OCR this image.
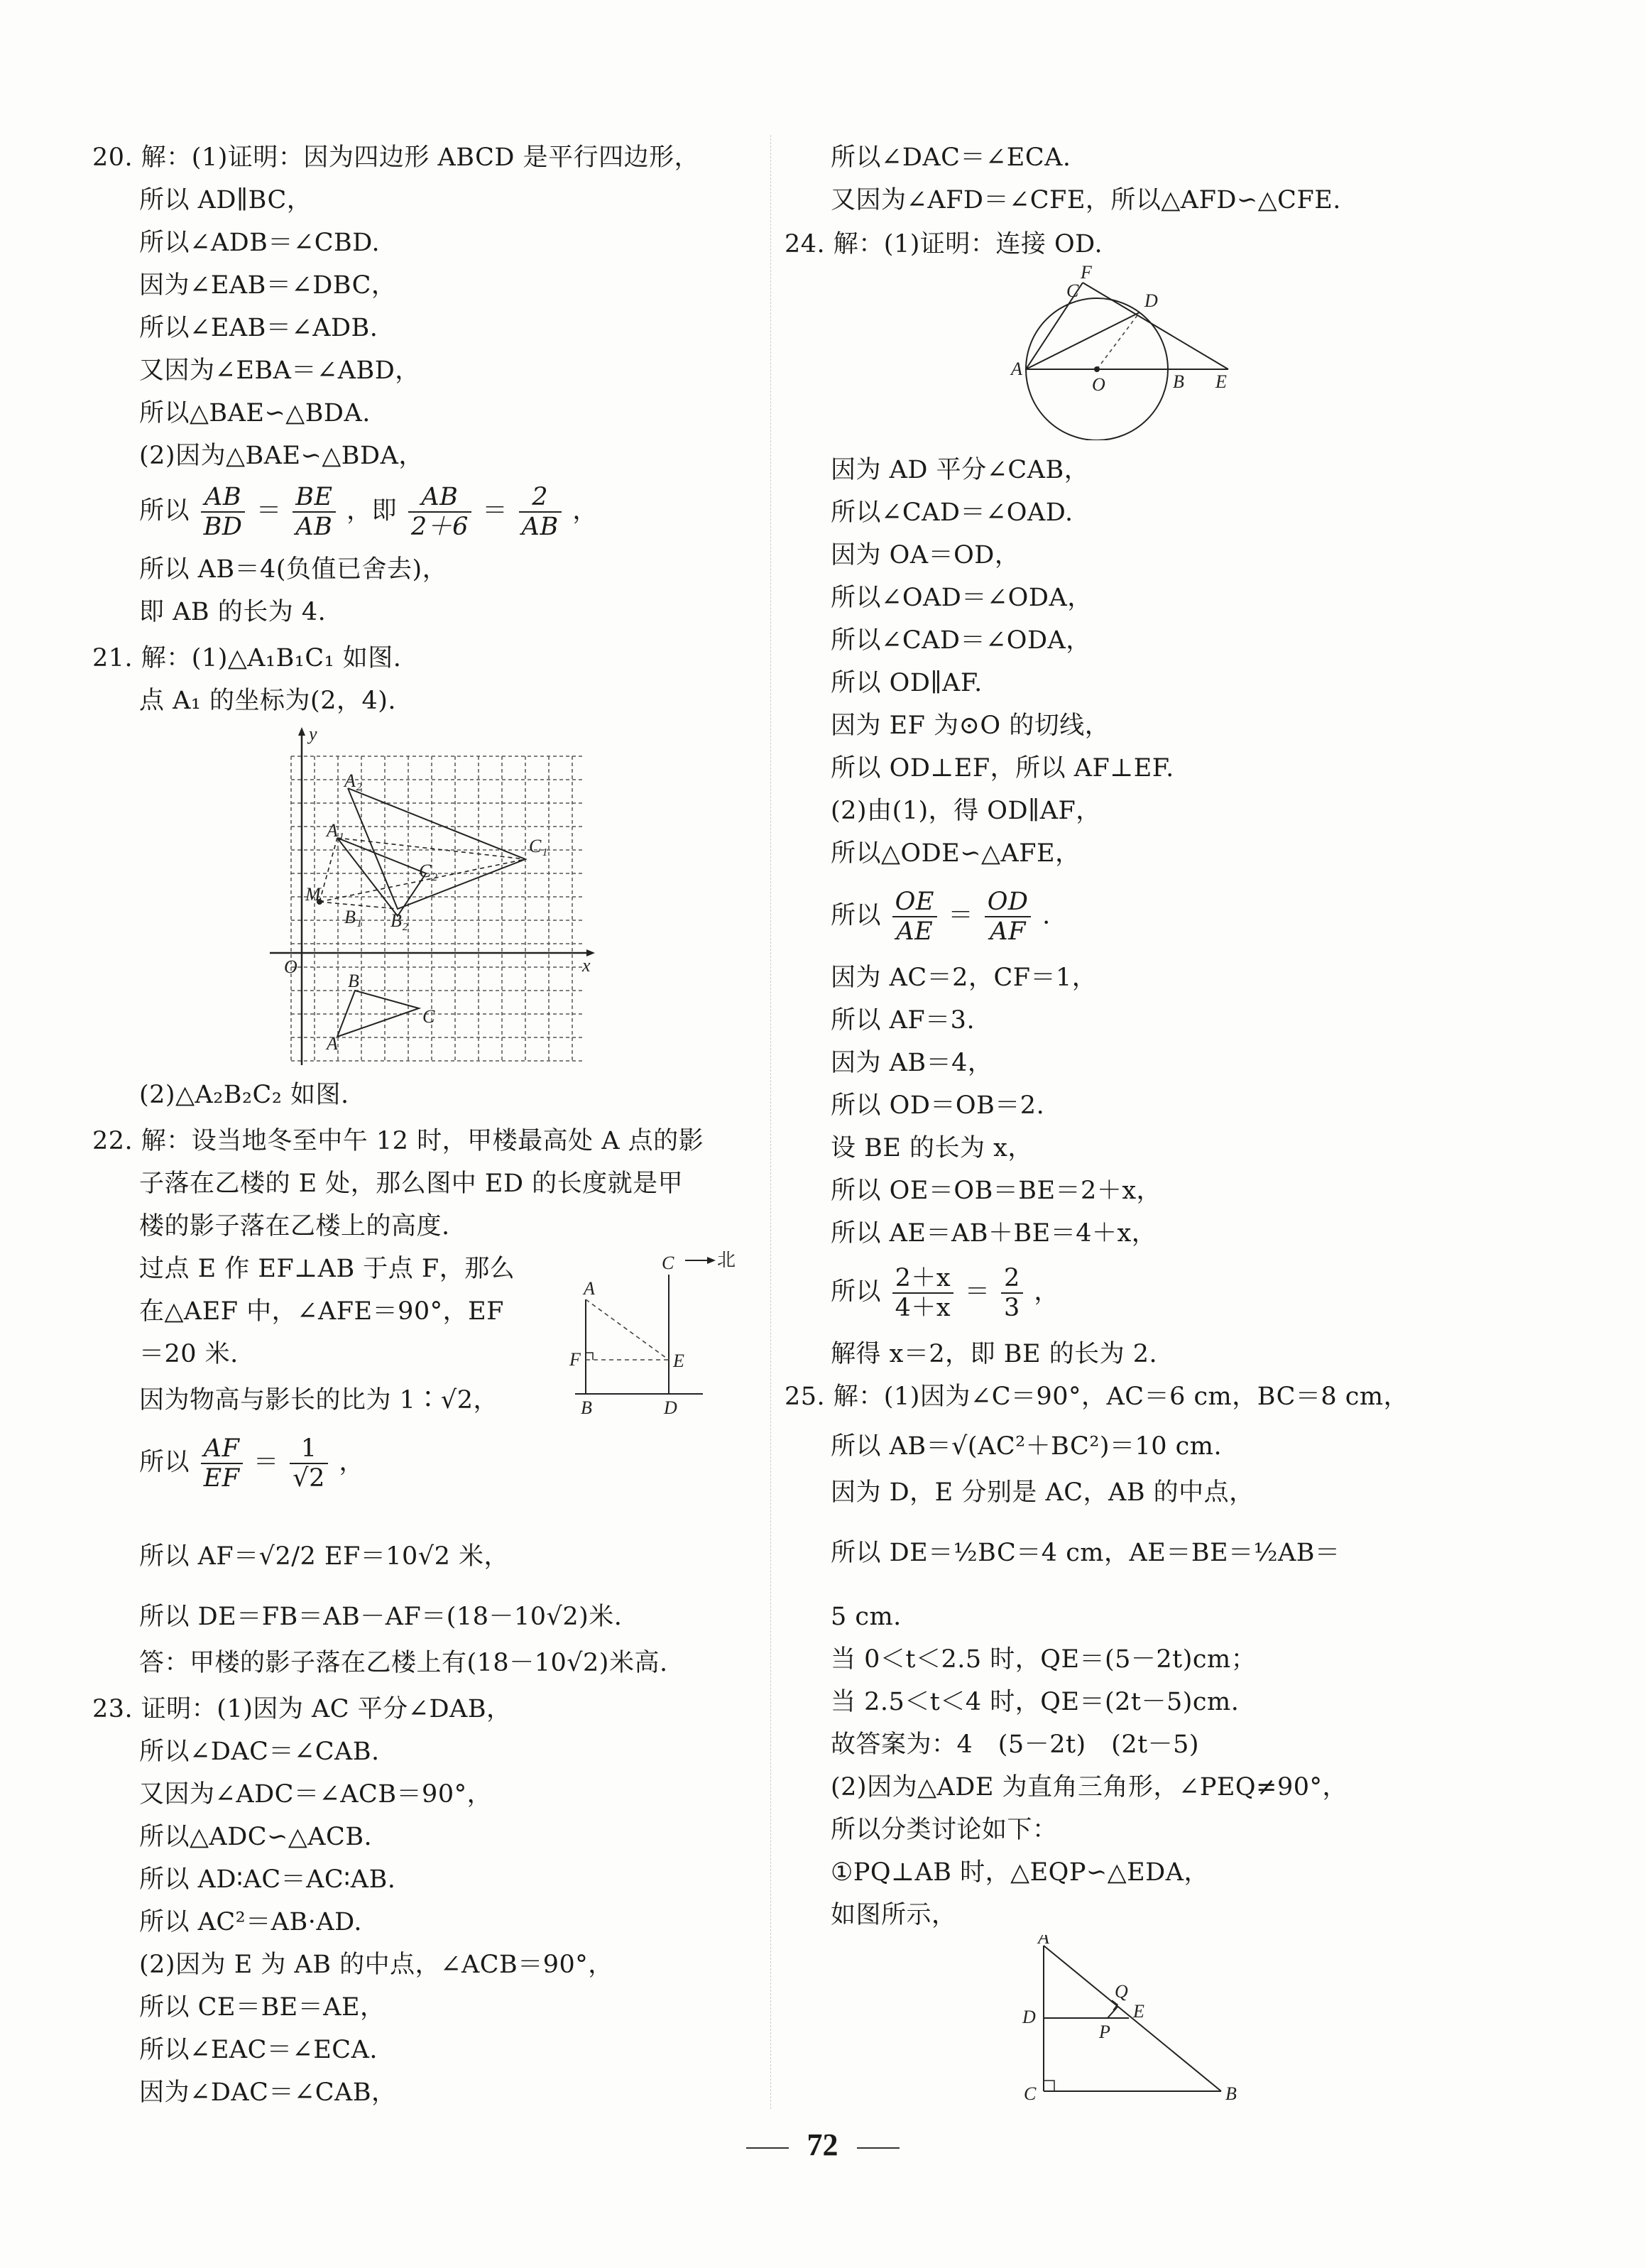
所以 $\frac{AB}{BD} = \frac{BE}{AB}$ ，即 $\frac{AB}{2+6} = \frac{2}{AB}$ ，
所以 $\frac{AF}{EF} = \frac{1}{√2}$ ，
所以 $\frac{OE}{AE} = \frac{OD}{AF}$ .
所以 $\frac{2+x}{4+x} = \frac{2}{3}$ ，
y
x
O
A₂
A₁
C₁
C₂
M
B₁ B₂
B
A
C
A
C 北
F	E
B	D
F
C	D
A
O	B E
A
Q
E
D
P
C	B
72
20. 解：(1)证明：因为四边形 ABCD 是平行四边形，
所以 AD∥BC，
所以∠ADB＝∠CBD.
因为∠EAB＝∠DBC，
所以∠EAB＝∠ADB.
又因为∠EBA＝∠ABD，
所以△BAE∽△BDA.
(2)因为△BAE∽△BDA，
所以 AB＝4(负值已舍去)，
即 AB 的长为 4.
21. 解：(1)△A₁B₁C₁ 如图.
点 A₁ 的坐标为(2，4).
(2)△A₂B₂C₂ 如图.
22. 解：设当地冬至中午 12 时，甲楼最高处 A 点的影
子落在乙楼的 E 处，那么图中 ED 的长度就是甲
楼的影子落在乙楼上的高度.
过点 E 作 EF⊥AB 于点 F，那么
在△AEF 中，∠AFE＝90°，EF
＝20 米.
因为物高与影长的比为 1∶√2，
所以 AF＝√2/2 EF＝10√2 米，
所以 DE＝FB＝AB－AF＝(18－10√2)米.
答：甲楼的影子落在乙楼上有(18－10√2)米高.
23. 证明：(1)因为 AC 平分∠DAB，
所以∠DAC＝∠CAB.
又因为∠ADC＝∠ACB＝90°，
所以△ADC∽△ACB.
所以 AD∶AC＝AC∶AB.
所以 AC²＝AB·AD.
(2)因为 E 为 AB 的中点，∠ACB＝90°，
所以 CE＝BE＝AE，
所以∠EAC＝∠ECA.
因为∠DAC＝∠CAB，
所以∠DAC＝∠ECA.
又因为∠AFD＝∠CFE，所以△AFD∽△CFE.
24. 解：(1)证明：连接 OD.
因为 AD 平分∠CAB，
所以∠CAD＝∠OAD.
因为 OA＝OD，
所以∠OAD＝∠ODA，
所以∠CAD＝∠ODA，
所以 OD∥AF.
因为 EF 为⊙O 的切线，
所以 OD⊥EF，所以 AF⊥EF.
(2)由(1)，得 OD∥AF，
所以△ODE∽△AFE，
因为 AC＝2，CF＝1，
所以 AF＝3.
因为 AB＝4，
所以 OD＝OB＝2.
设 BE 的长为 x，
所以 OE＝OB＝BE＝2＋x，
所以 AE＝AB＋BE＝4＋x，
解得 x＝2，即 BE 的长为 2.
25. 解：(1)因为∠C＝90°，AC＝6 cm，BC＝8 cm，
所以 AB＝√(AC²＋BC²)＝10 cm.
因为 D，E 分别是 AC，AB 的中点，
所以 DE＝½BC＝4 cm，AE＝BE＝½AB＝
5 cm.
当 0＜t＜2.5 时，QE＝(5－2t)cm；
当 2.5＜t＜4 时，QE＝(2t－5)cm.
故答案为：4　(5－2t)　(2t－5)
(2)因为△ADE 为直角三角形，∠PEQ≠90°，
所以分类讨论如下：
①PQ⊥AB 时，△EQP∽△EDA，
如图所示，
